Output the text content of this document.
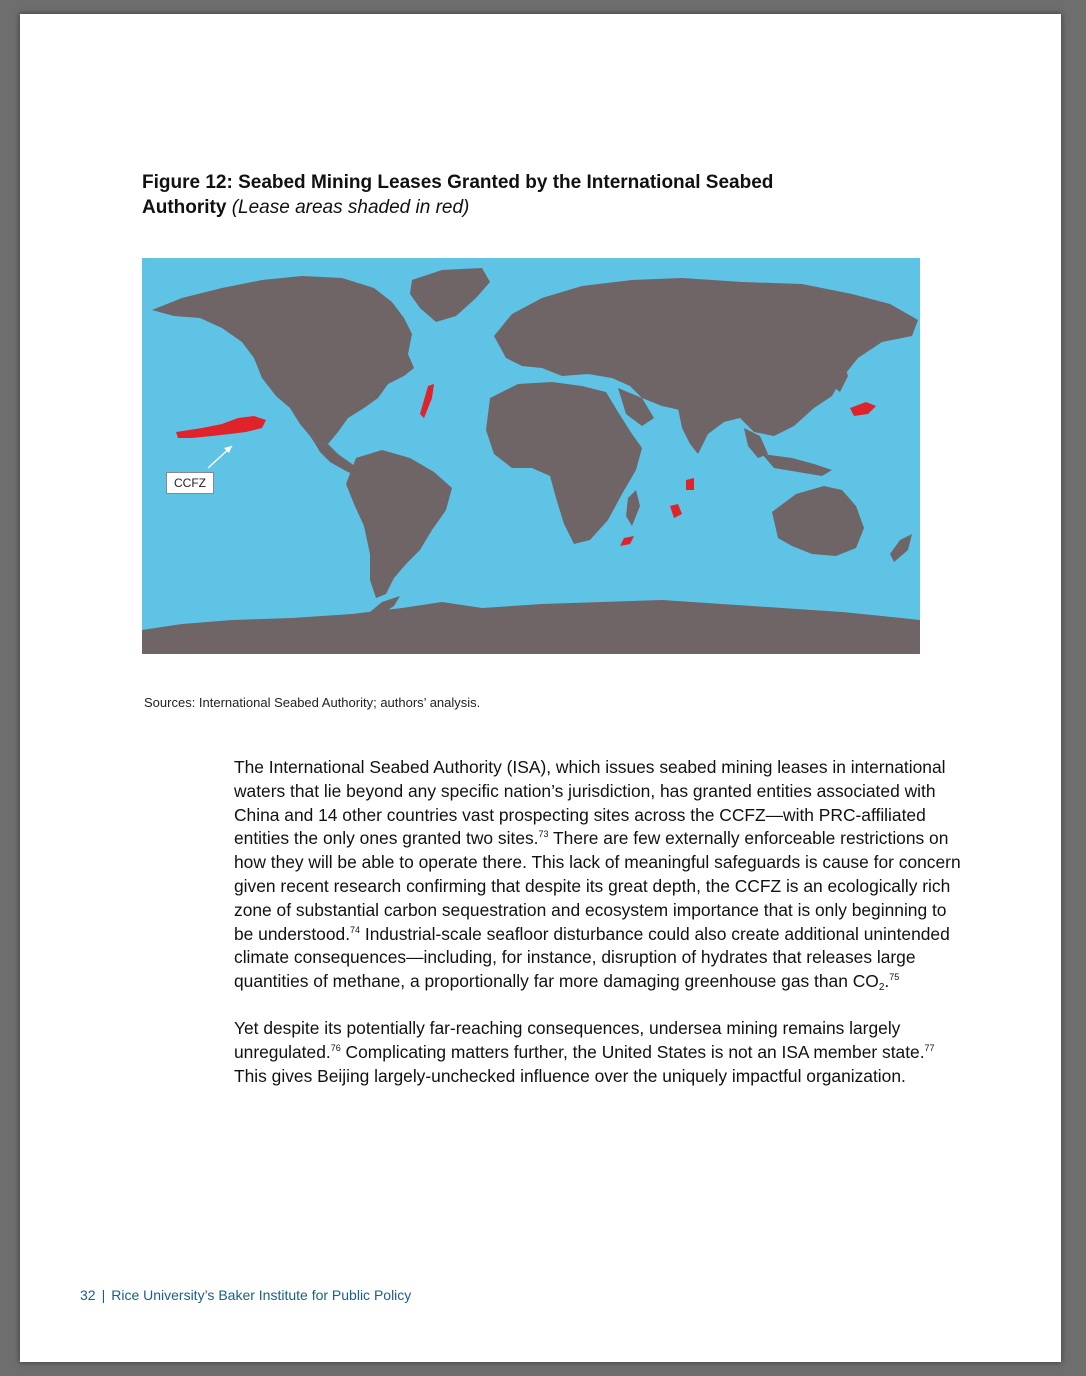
Figure 12: Seabed Mining Leases Granted by the International Seabed Authority (Lease areas shaded in red)
CCFZ
Sources: International Seabed Authority; authors’ analysis.

The International Seabed Authority (ISA), which issues seabed mining leases in international waters that lie beyond any specific nation’s jurisdiction, has granted entities associated with China and 14 other countries vast prospecting sites across the CCFZ—with PRC-affiliated entities the only ones granted two sites.$^{73}$ There are few externally enforceable restrictions on how they will be able to operate there. This lack of meaningful safeguards is cause for concern given recent research confirming that despite its great depth, the CCFZ is an ecologically rich zone of substantial carbon sequestration and ecosystem importance that is only beginning to be understood.$^{74}$ Industrial-scale seafloor disturbance could also create additional unintended climate consequences—including, for instance, disruption of hydrates that releases large quantities of methane, a proportionally far more damaging greenhouse gas than $CO_2.^{75}$

Yet despite its potentially far-reaching consequences, undersea mining remains largely unregulated.$^{76}$ Complicating matters further, the United States is not an ISA member state.$^{77}$ This gives Beijing largely-unchecked influence over the uniquely impactful organization.

32 | Rice University’s Baker Institute for Public Policy
